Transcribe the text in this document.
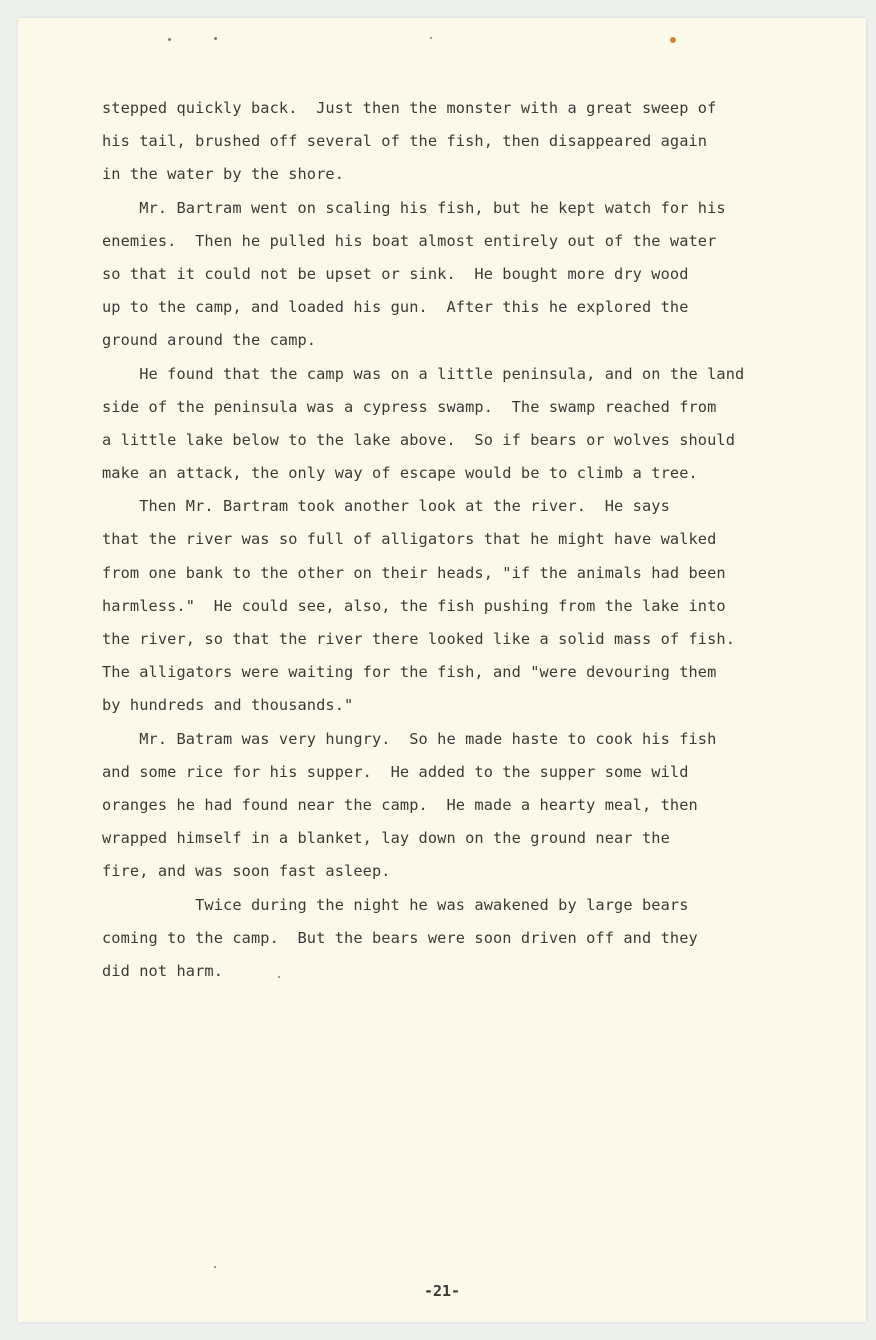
stepped quickly back.  Just then the monster with a great sweep of
his tail, brushed off several of the fish, then disappeared again
in the water by the shore.
Mr. Bartram went on scaling his fish, but he kept watch for his
enemies.  Then he pulled his boat almost entirely out of the water
so that it could not be upset or sink.  He bought more dry wood
up to the camp, and loaded his gun.  After this he explored the
ground around the camp.
He found that the camp was on a little peninsula, and on the land
side of the peninsula was a cypress swamp.  The swamp reached from
a little lake below to the lake above.  So if bears or wolves should
make an attack, the only way of escape would be to climb a tree.
Then Mr. Bartram took another look at the river.  He says
that the river was so full of alligators that he might have walked
from one bank to the other on their heads, "if the animals had been
harmless."  He could see, also, the fish pushing from the lake into
the river, so that the river there looked like a solid mass of fish.
The alligators were waiting for the fish, and "were devouring them
by hundreds and thousands."
Mr. Batram was very hungry.  So he made haste to cook his fish
and some rice for his supper.  He added to the supper some wild
oranges he had found near the camp.  He made a hearty meal, then
wrapped himself in a blanket, lay down on the ground near the
fire, and was soon fast asleep.
Twice during the night he was awakened by large bears
coming to the camp.  But the bears were soon driven off and they
did not harm.
-21-
